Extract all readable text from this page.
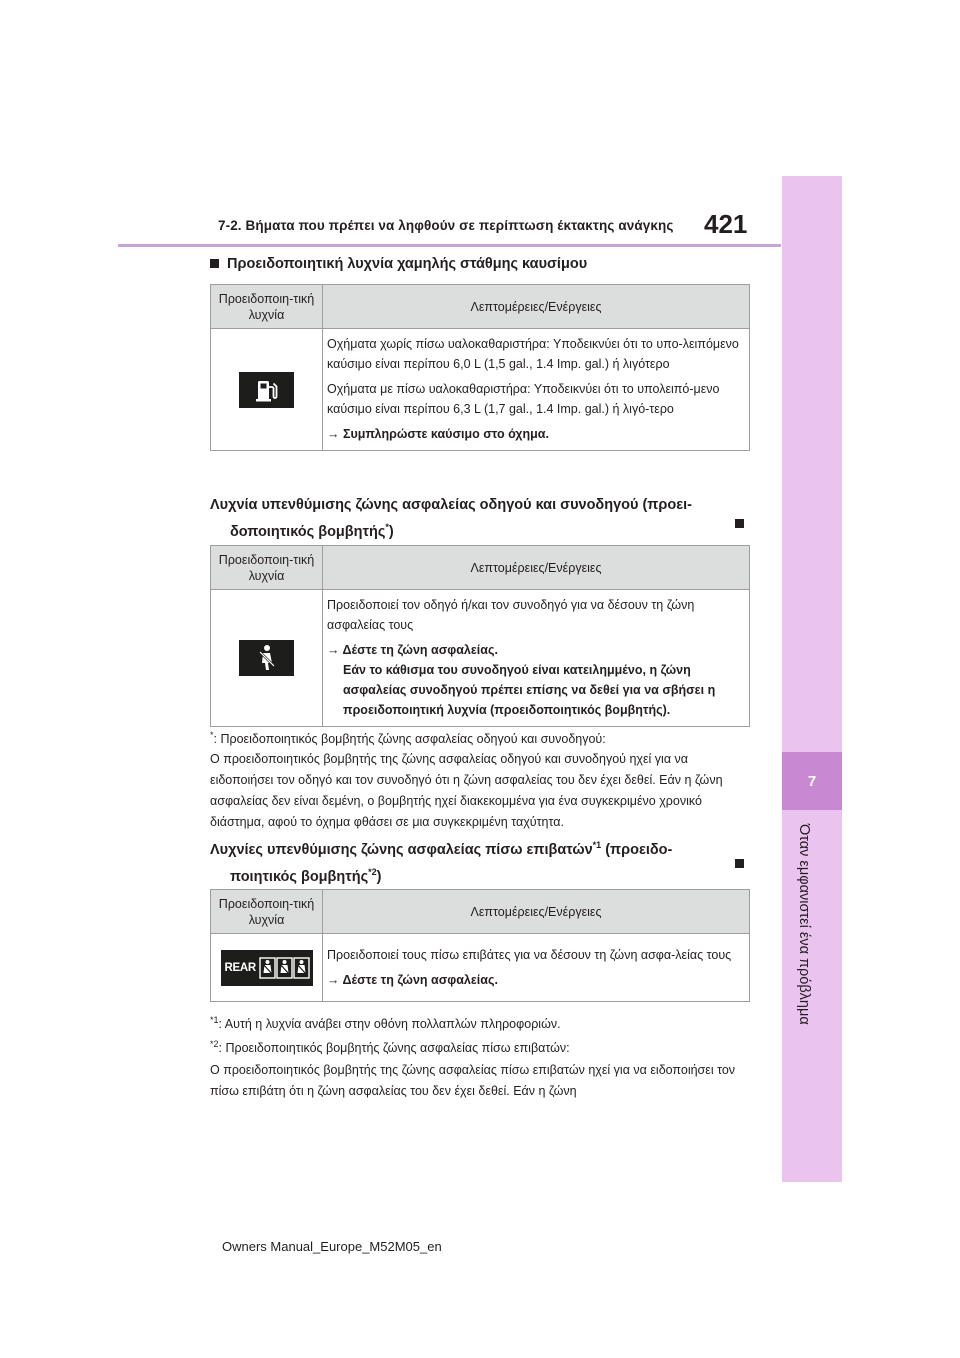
7-2. Βήματα που πρέπει να ληφθούν σε περίπτωση έκτακτης ανάγκης 421
7
Όταν εμφανιστεί ένα πρόβλημα
Προειδοποιητική λυχνία χαμηλής στάθμης καυσίμου
Προειδοποιη-τική λυχνία	Λεπτομέρειες/Ενέργειες

Οχήματα χωρίς πίσω υαλοκαθαριστήρα: Υποδεικνύει ότι το υπο-λειπόμενο καύσιμο είναι περίπου 6,0 L (1,5 gal., 1.4 Imp. gal.) ή λιγότερο

Οχήματα με πίσω υαλοκαθαριστήρα: Υποδεικνύει ότι το υπολειπό-μενο καύσιμο είναι περίπου 6,3 L (1,7 gal., 1.4 Imp. gal.) ή λιγό-τερο

→ Συμπληρώστε καύσιμο στο όχημα.

Λυχνία υπενθύμισης ζώνης ασφαλείας οδηγού και συνοδηγού (προει-
δοποιητικός βομβητής*)
Προειδοποιη-τική λυχνία	Λεπτομέρειες/Ενέργειες

Προειδοποιεί τον οδηγό ή/και τον συνοδηγό για να δέσουν τη ζώνη ασφαλείας τους

→ Δέστε τη ζώνη ασφαλείας.

Εάν το κάθισμα του συνοδηγού είναι κατειλημμένο, η ζώνη ασφαλείας συνοδηγού πρέπει επίσης να δεθεί για να σβήσει η προειδοποιητική λυχνία (προειδοποιητικός βομβητής).

*: Προειδοποιητικός βομβητής ζώνης ασφαλείας οδηγού και συνοδηγού:
Ο προειδοποιητικός βομβητής της ζώνης ασφαλείας οδηγού και συνοδηγού ηχεί για να ειδοποιήσει τον οδηγό και τον συνοδηγό ότι η ζώνη ασφαλείας του δεν έχει δεθεί. Εάν η ζώνη ασφαλείας δεν είναι δεμένη, ο βομβητής ηχεί διακεκομμένα για ένα συγκεκριμένο χρονικό διάστημα, αφού το όχημα φθάσει σε μια συγκεκριμένη ταχύτητα.
Λυχνίες υπενθύμισης ζώνης ασφαλείας πίσω επιβατών$^{*1}$ (προειδο-
ποιητικός βομβητής$^{*2}$)
Προειδοποιη-τική λυχνία	Λεπτομέρειες/Ενέργειες

REAR	Προειδοποιεί τους πίσω επιβάτες για να δέσουν τη ζώνη ασφα-λείας τους

→ Δέστε τη ζώνη ασφαλείας.

$^{*1}$: Αυτή η λυχνία ανάβει στην οθόνη πολλαπλών πληροφοριών.
$^{*2}$: Προειδοποιητικός βομβητής ζώνης ασφαλείας πίσω επιβατών:
Ο προειδοποιητικός βομβητής της ζώνης ασφαλείας πίσω επιβατών ηχεί για να ειδοποιήσει τον πίσω επιβάτη ότι η ζώνη ασφαλείας του δεν έχει δεθεί. Εάν η ζώνη
Owners Manual_Europe_M52M05_en
